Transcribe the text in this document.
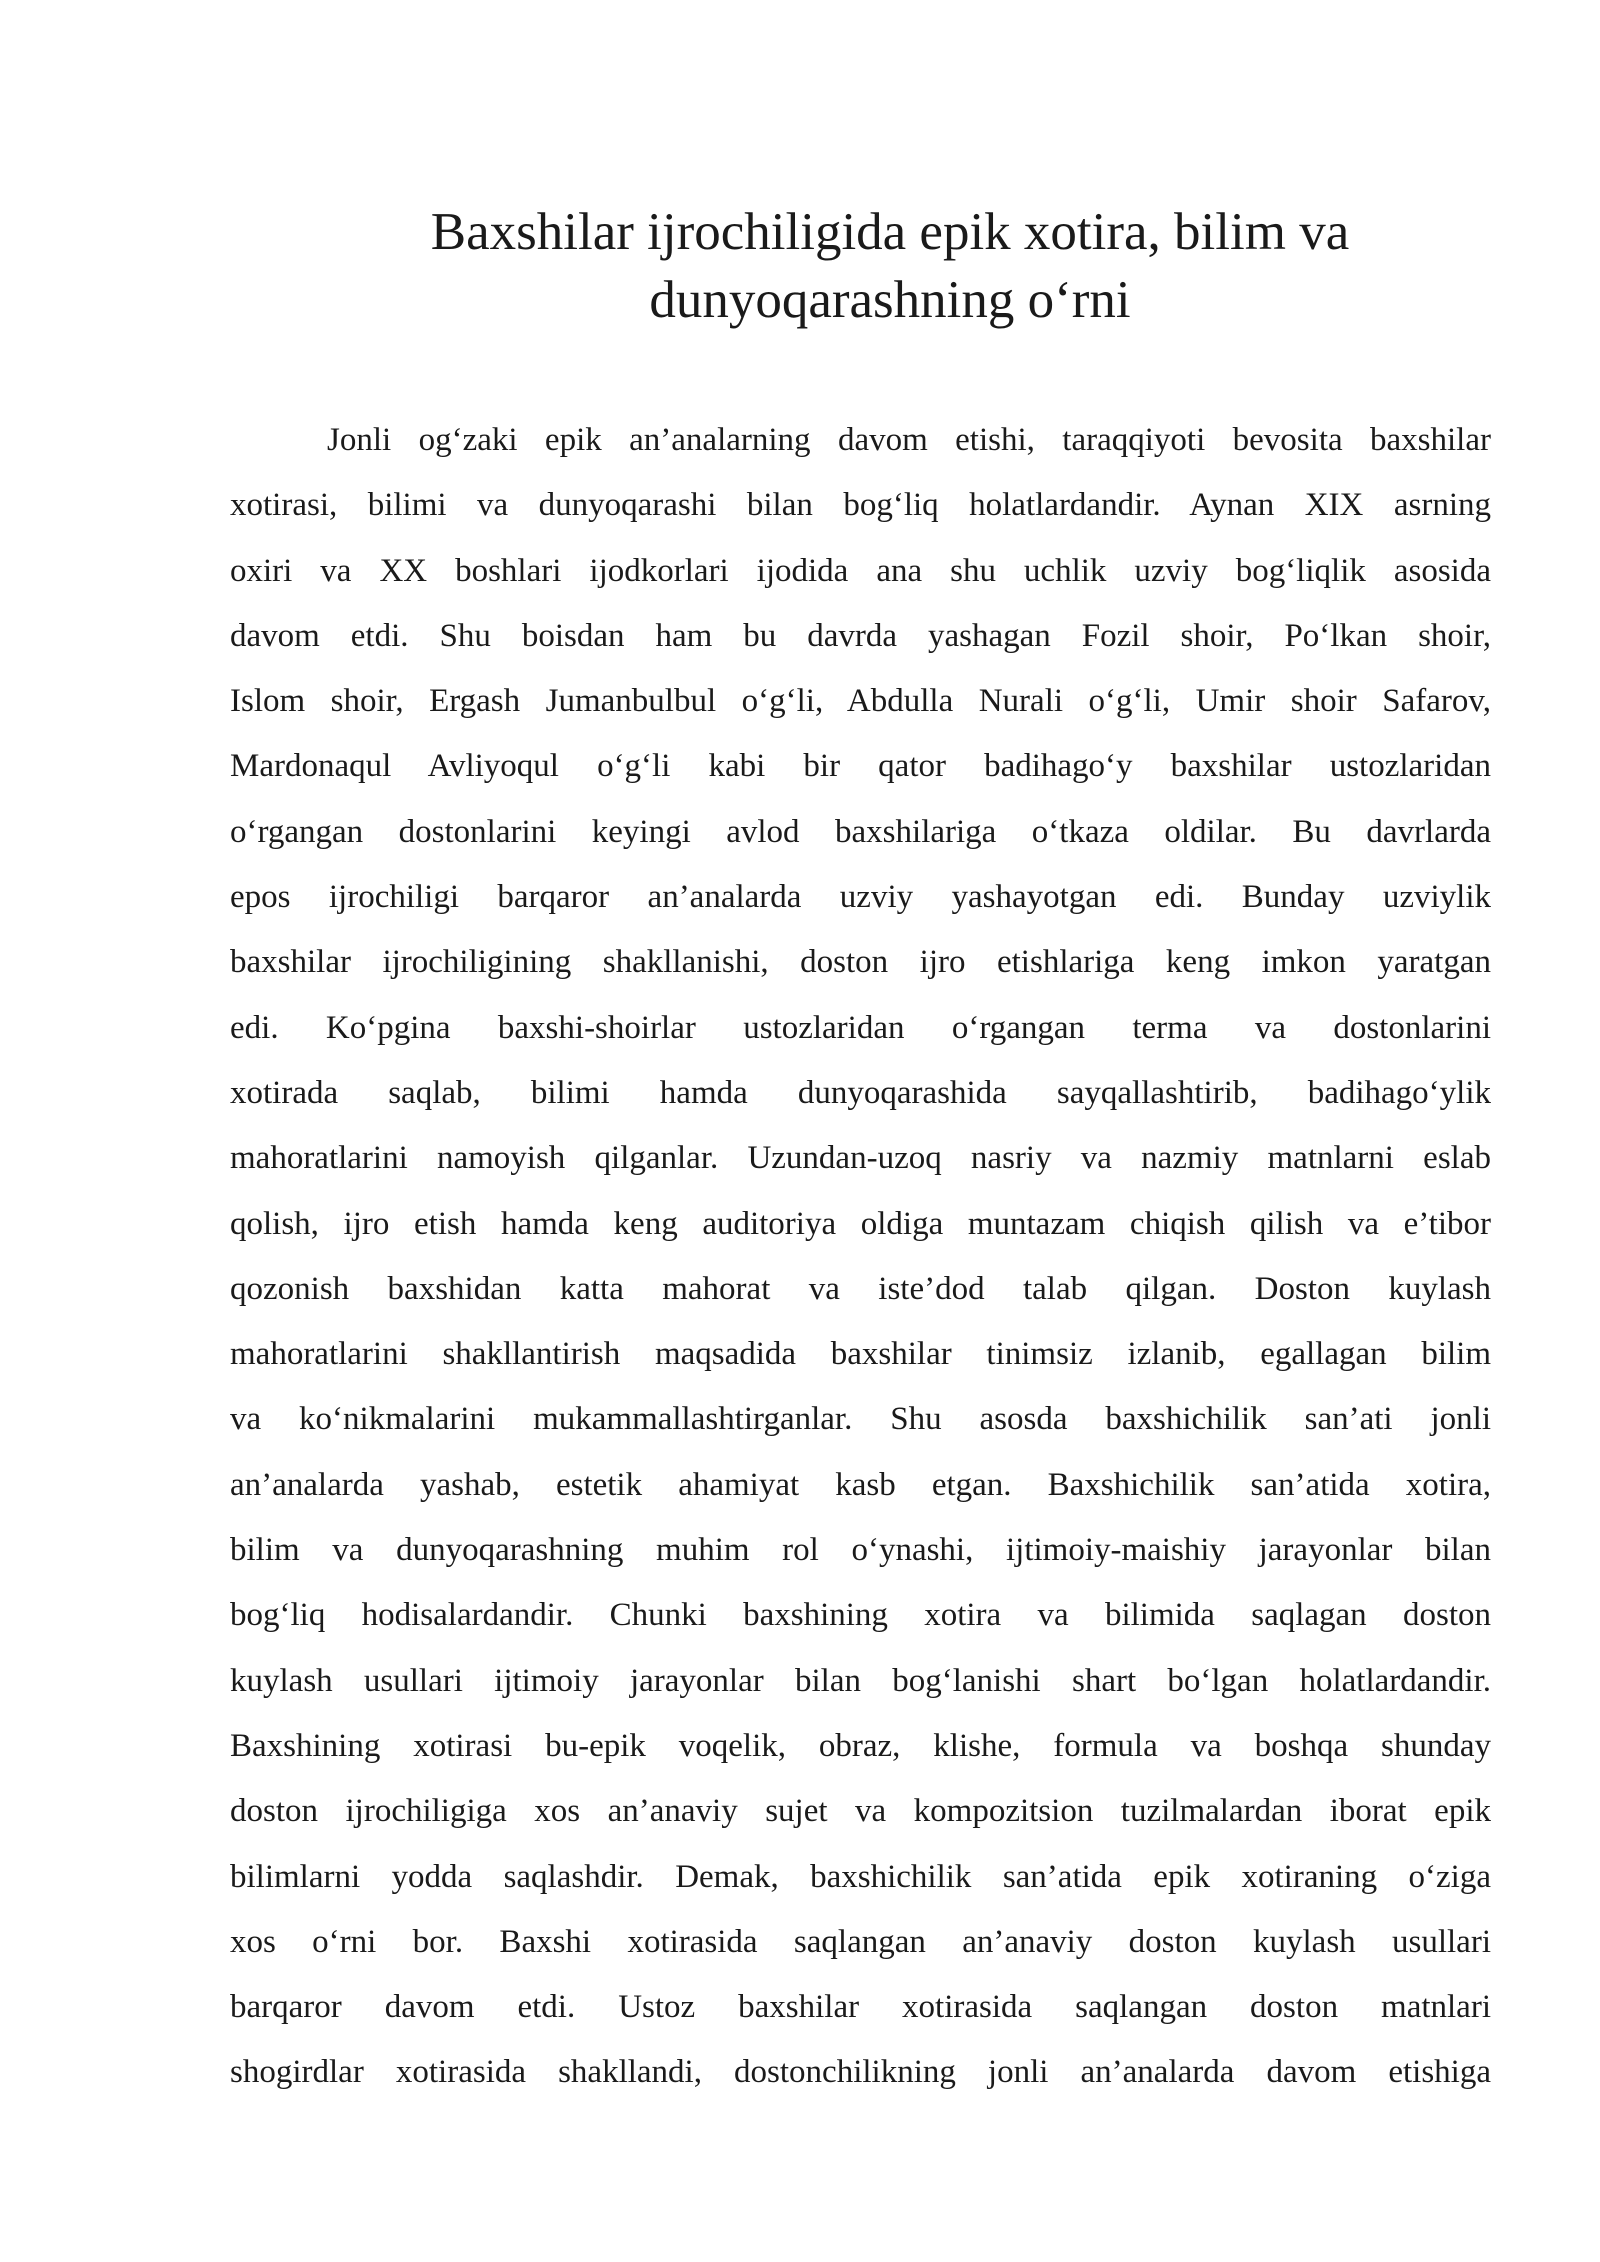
Baxshilar ijrochiligida epik xotira, bilim va
dunyoqarashning o‘rni
Jonli og‘zaki epik an’analarning davom etishi, taraqqiyoti bevosita baxshilar
xotirasi, bilimi va dunyoqarashi bilan bog‘liq holatlardandir. Aynan XIX asrning
oxiri va XX boshlari ijodkorlari ijodida ana shu uchlik uzviy bog‘liqlik asosida
davom etdi. Shu boisdan ham bu davrda yashagan Fozil shoir, Po‘lkan shoir,
Islom shoir, Ergash Jumanbulbul o‘g‘li, Abdulla Nurali o‘g‘li, Umir shoir Safarov,
Mardonaqul Avliyoqul o‘g‘li kabi bir qator badihago‘y baxshilar ustozlaridan
o‘rgangan dostonlarini keyingi avlod baxshilariga o‘tkaza oldilar. Bu davrlarda
epos ijrochiligi barqaror an’analarda uzviy yashayotgan edi. Bunday uzviylik
baxshilar ijrochiligining shakllanishi, doston ijro etishlariga keng imkon yaratgan
edi. Ko‘pgina baxshi-shoirlar ustozlaridan o‘rgangan terma va dostonlarini
xotirada saqlab, bilimi hamda dunyoqarashida sayqallashtirib, badihago‘ylik
mahoratlarini namoyish qilganlar. Uzundan-uzoq nasriy va nazmiy matnlarni eslab
qolish, ijro etish hamda keng auditoriya oldiga muntazam chiqish qilish va e’tibor
qozonish baxshidan katta mahorat va iste’dod talab qilgan. Doston kuylash
mahoratlarini shakllantirish maqsadida baxshilar tinimsiz izlanib, egallagan bilim
va ko‘nikmalarini mukammallashtirganlar. Shu asosda baxshichilik san’ati jonli
an’analarda yashab, estetik ahamiyat kasb etgan. Baxshichilik san’atida xotira,
bilim va dunyoqarashning muhim rol o‘ynashi, ijtimoiy-maishiy jarayonlar bilan
bog‘liq hodisalardandir. Chunki baxshining xotira va bilimida saqlagan doston
kuylash usullari ijtimoiy jarayonlar bilan bog‘lanishi shart bo‘lgan holatlardandir.
Baxshining xotirasi bu-epik voqelik, obraz, klishe, formula va boshqa shunday
doston ijrochiligiga xos an’anaviy sujet va kompozitsion tuzilmalardan iborat epik
bilimlarni yodda saqlashdir. Demak, baxshichilik san’atida epik xotiraning o‘ziga
xos o‘rni bor. Baxshi xotirasida saqlangan an’anaviy doston kuylash usullari
barqaror davom etdi. Ustoz baxshilar xotirasida saqlangan doston matnlari
shogirdlar xotirasida shakllandi, dostonchilikning jonli an’analarda davom etishiga
